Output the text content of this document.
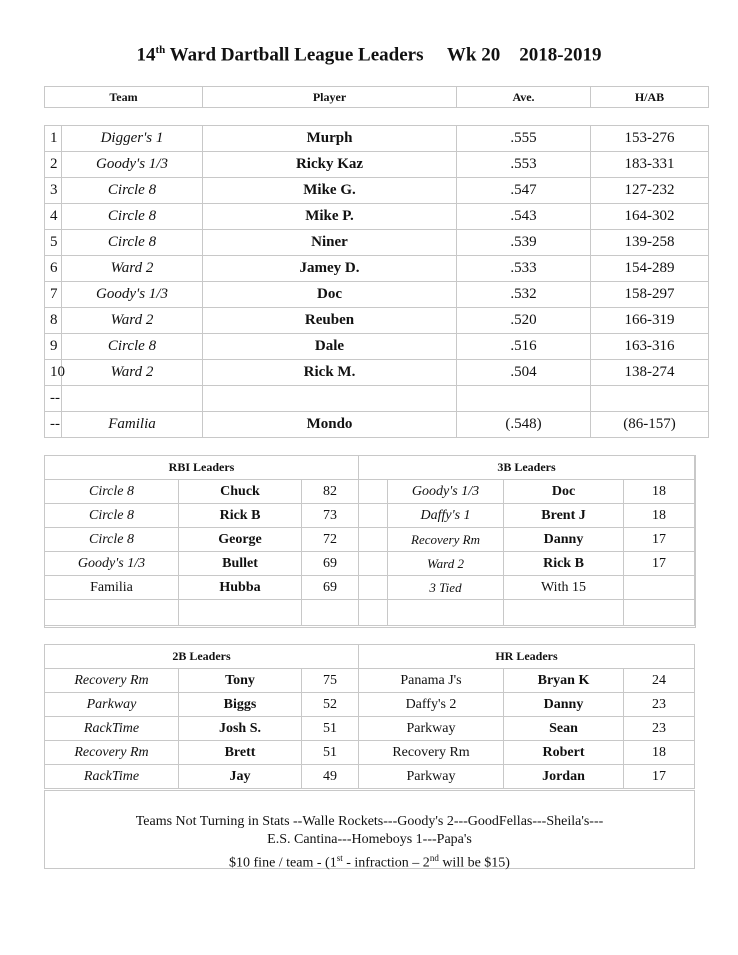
14th Ward Dartball League Leaders Wk 20 2018-2019
Team	Player	Ave.	H/AB
1	Digger's 1	Murph	.555	153-276
2	Goody's 1/3	Ricky Kaz	.553	183-331
3	Circle 8	Mike G.	.547	127-232
4	Circle 8	Mike P.	.543	164-302
5	Circle 8	Niner	.539	139-258
6	Ward 2	Jamey D.	.533	154-289
7	Goody's 1/3	Doc	.532	158-297
8	Ward 2	Reuben	.520	166-319
9	Circle 8	Dale	.516	163-316
10	Ward 2	Rick M.	.504	138-274
--				
--	Familia	Mondo	(.548)	(86-157)
RBI Leaders		
Circle 8	Chuck	82
Circle 8	Rick B	73
Circle 8	George	72
Goody's 1/3	Bullet	69
Familia	Hubba	69

3B Leaders			
	Goody's 1/3	Doc	18
	Daffy's 1	Brent J	18
	Recovery Rm	Danny	17
	Ward 2	Rick B	17
	3 Tied	With 15	

2B Leaders		
Recovery Rm	Tony	75
Parkway	Biggs	52
RackTime	Josh S.	51
Recovery Rm	Brett	51
RackTime	Jay	49
HR Leaders		
Panama J's	Bryan K	24
Daffy's 2	Danny	23
Parkway	Sean	23
Recovery Rm	Robert	18
Parkway	Jordan	17
Teams Not Turning in Stats --Walle Rockets---Goody's 2---GoodFellas---Sheila's---
E.S. Cantina---Homeboys 1---Papa's
$10 fine / team - (1st - infraction – 2nd will be $15)
